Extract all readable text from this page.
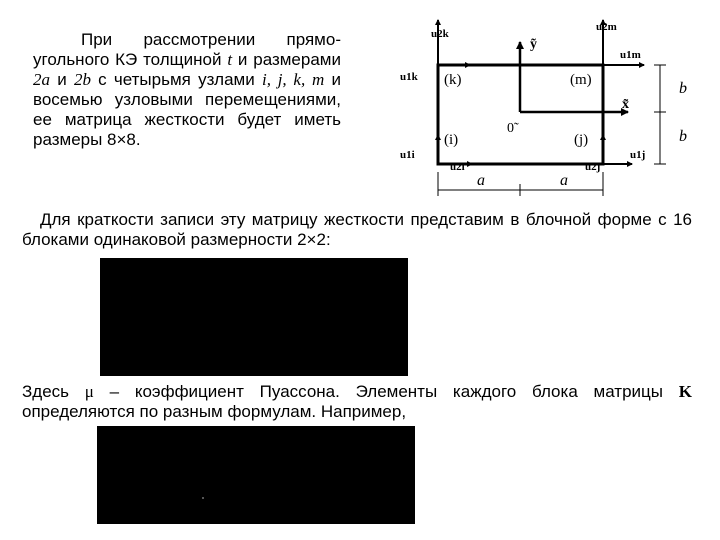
При рассмотрении прямо-угольного КЭ толщиной t и размерами 2a и 2b с четырьмя узлами i, j, k, m и восемью узловыми перемещениями, ее матрица жесткости будет иметь размеры 8×8.
(k)	(m)
(i)	(j)
u2k
u1k
u2m
u1m
u1i
u2i	u2j
u1j
ỹ
x̃
0̃
a	a
b
b
Для краткости записи эту матрицу жесткости представим в блочной форме с 16 блоками одинаковой размерности 2×2:
Здесь μ – коэффициент Пуассона. Элементы каждого блока матрицы K определяются по разным формулам. Например,
